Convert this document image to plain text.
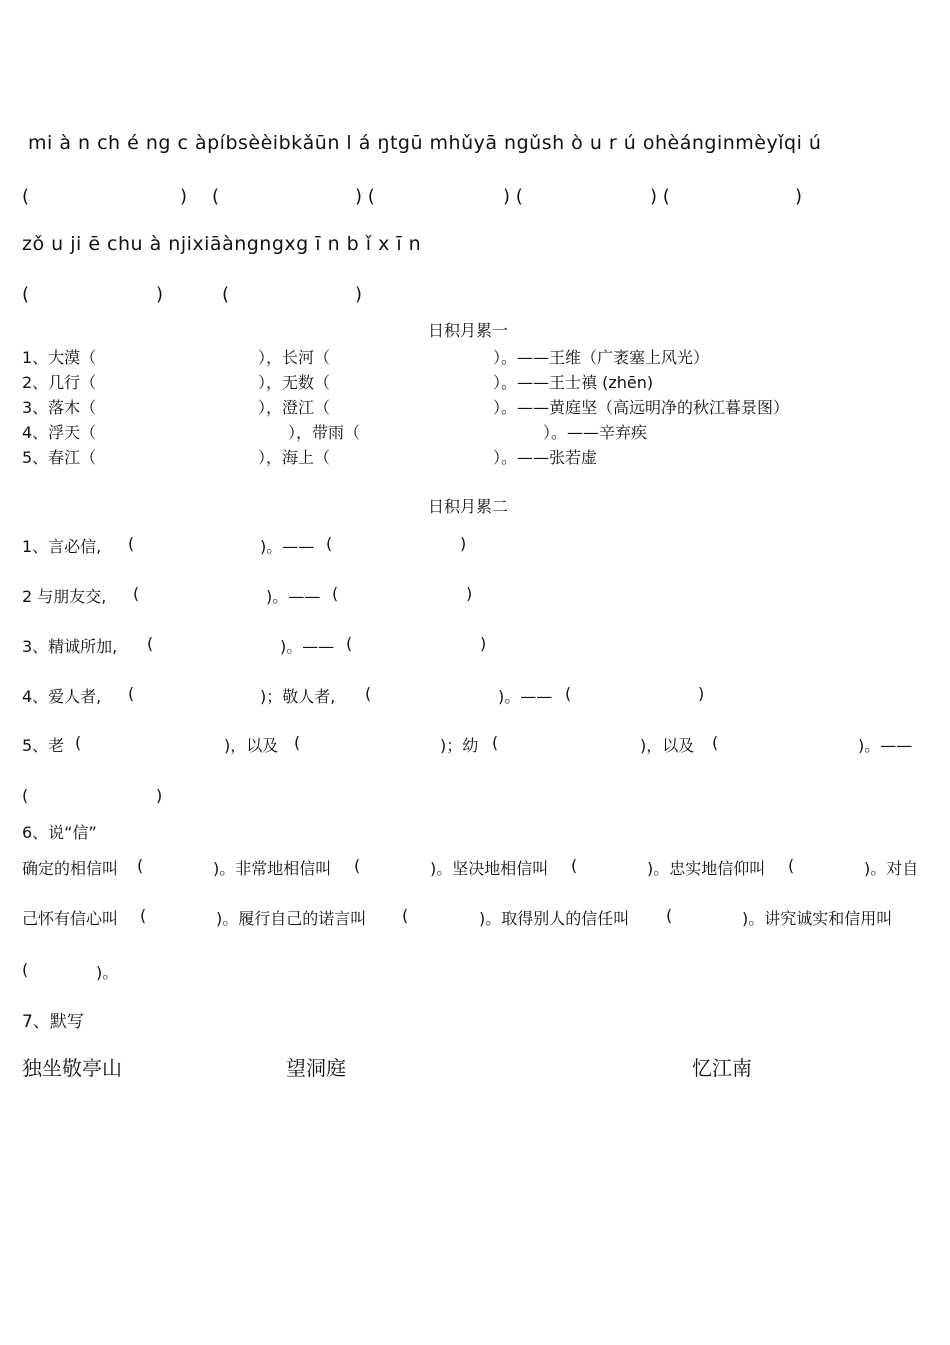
mi à n ch é ng c àpíbsèèibkǎūn l á ŋtgū mhǔyā ngǔsh ò u r ú ohèánginmèyǐqi ú
(	) (	) (	) (	) (	)
zǒ u ji ē chu à njixiāàngngxg ī n b ǐ x ī n
(	)	(	)
日积月累一
1、大漠（	），长河（	）。——王维（广袤塞上风光）
2、几行（	），无数（	）。——王士禛 (zhēn)
3、落木（	），澄江（	）。——黄庭坚（高远明净的秋江暮景图）
4、浮天（	），带雨（	）。——辛弃疾
5、春江（	），海上（	）。——张若虚
日积月累二
1、言必信, (	)。—— (	)
2 与朋友交, (	)。—— (	)
3、精诚所加, (	)。—— (	)
4、爱人者, (	)；敬人者, (	)。—— (	)
5、老 (	)，以及 (	)；幼 (	)，以及 (	)。——
(	)
6、说“信”
确定的相信叫 (	)。非常地相信叫 (	)。坚决地相信叫 (	)。忠实地信仰叫 (	)。对自
己怀有信心叫 (	)。履行自己的诺言叫 (	)。取得别人的信任叫 (	)。讲究诚实和信用叫
(	)。
7、默写
独坐敬亭山	望洞庭	忆江南
